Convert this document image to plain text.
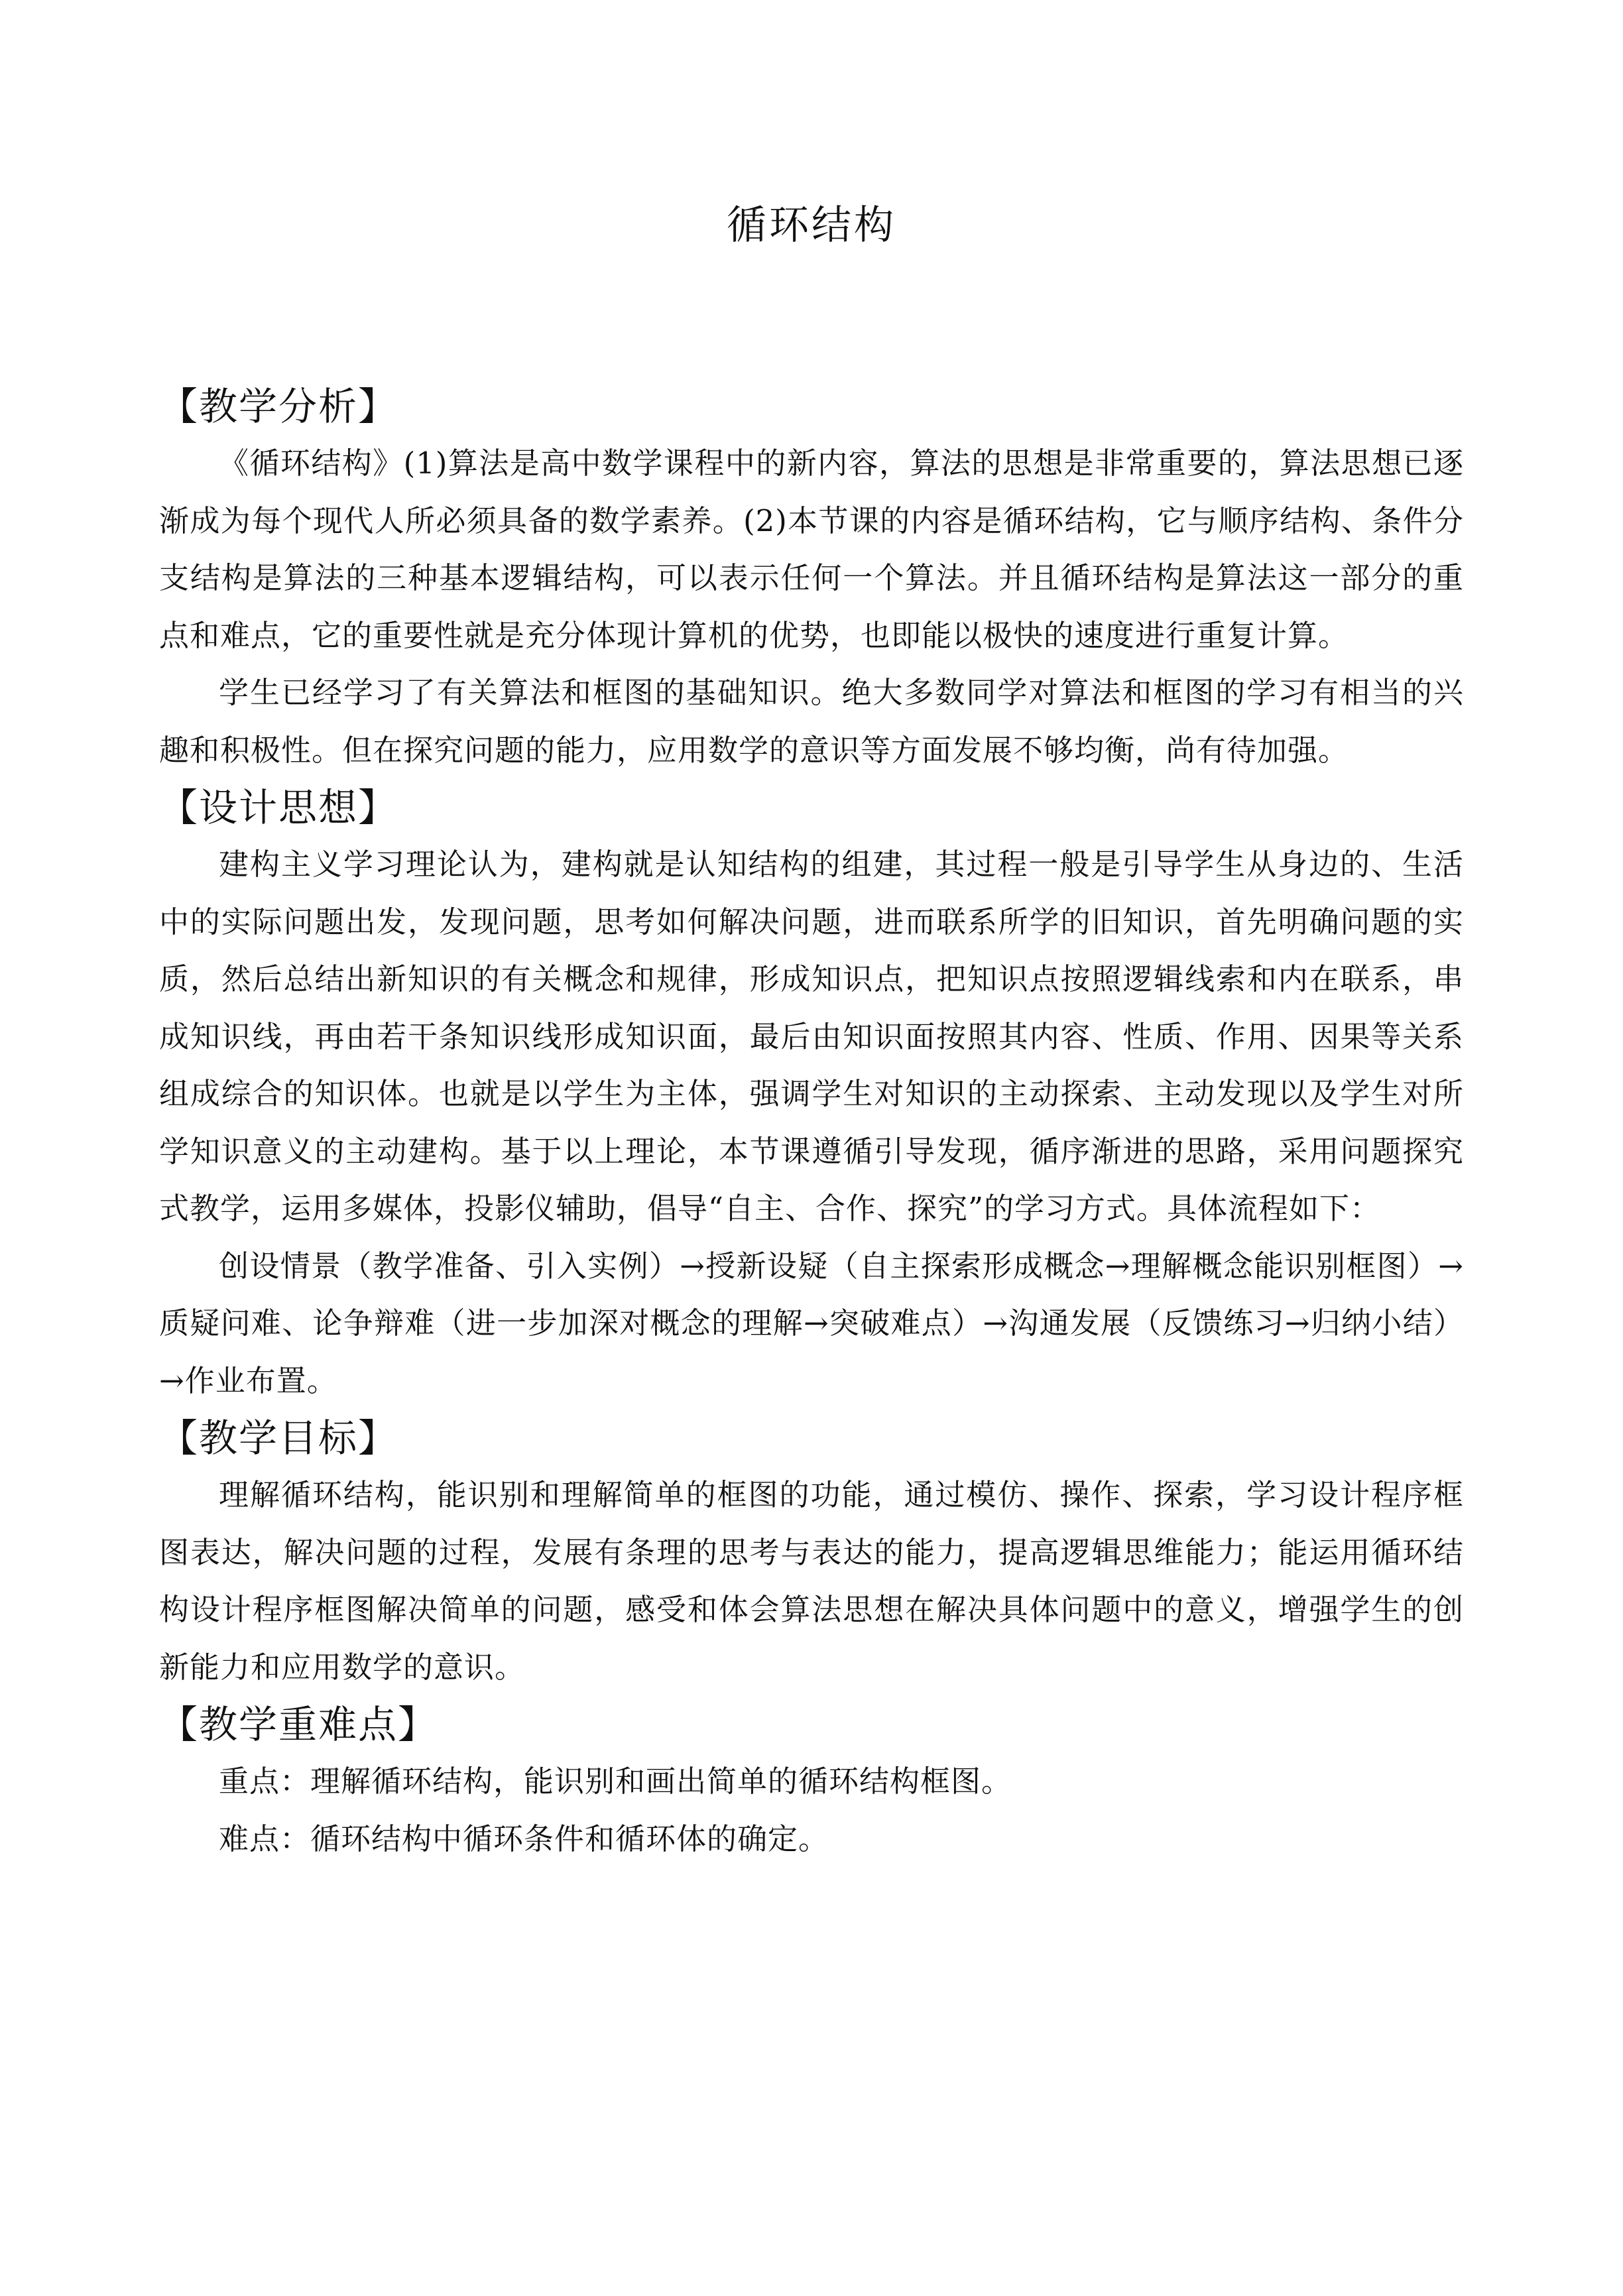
循环结构

【教学分析】

《循环结构》(1)算法是高中数学课程中的新内容，算法的思想是非常重要的，算法思想已逐渐成为每个现代人所必须具备的数学素养。(2)本节课的内容是循环结构，它与顺序结构、条件分支结构是算法的三种基本逻辑结构，可以表示任何一个算法。并且循环结构是算法这一部分的重点和难点，它的重要性就是充分体现计算机的优势，也即能以极快的速度进行重复计算。

学生已经学习了有关算法和框图的基础知识。绝大多数同学对算法和框图的学习有相当的兴趣和积极性。但在探究问题的能力，应用数学的意识等方面发展不够均衡，尚有待加强。

【设计思想】

建构主义学习理论认为，建构就是认知结构的组建，其过程一般是引导学生从身边的、生活中的实际问题出发，发现问题，思考如何解决问题，进而联系所学的旧知识，首先明确问题的实质，然后总结出新知识的有关概念和规律，形成知识点，把知识点按照逻辑线索和内在联系，串成知识线，再由若干条知识线形成知识面，最后由知识面按照其内容、性质、作用、因果等关系组成综合的知识体。也就是以学生为主体，强调学生对知识的主动探索、主动发现以及学生对所学知识意义的主动建构。基于以上理论，本节课遵循引导发现，循序渐进的思路，采用问题探究式教学，运用多媒体，投影仪辅助，倡导“自主、合作、探究”的学习方式。具体流程如下：

创设情景（教学准备、引入实例）→授新设疑（自主探索形成概念→理解概念能识别框图）→质疑问难、论争辩难（进一步加深对概念的理解→突破难点）→沟通发展（反馈练习→归纳小结）→作业布置。

【教学目标】

理解循环结构，能识别和理解简单的框图的功能，通过模仿、操作、探索，学习设计程序框图表达，解决问题的过程，发展有条理的思考与表达的能力，提高逻辑思维能力；能运用循环结构设计程序框图解决简单的问题，感受和体会算法思想在解决具体问题中的意义，增强学生的创新能力和应用数学的意识。

【教学重难点】

重点：理解循环结构，能识别和画出简单的循环结构框图。

难点：循环结构中循环条件和循环体的确定。
